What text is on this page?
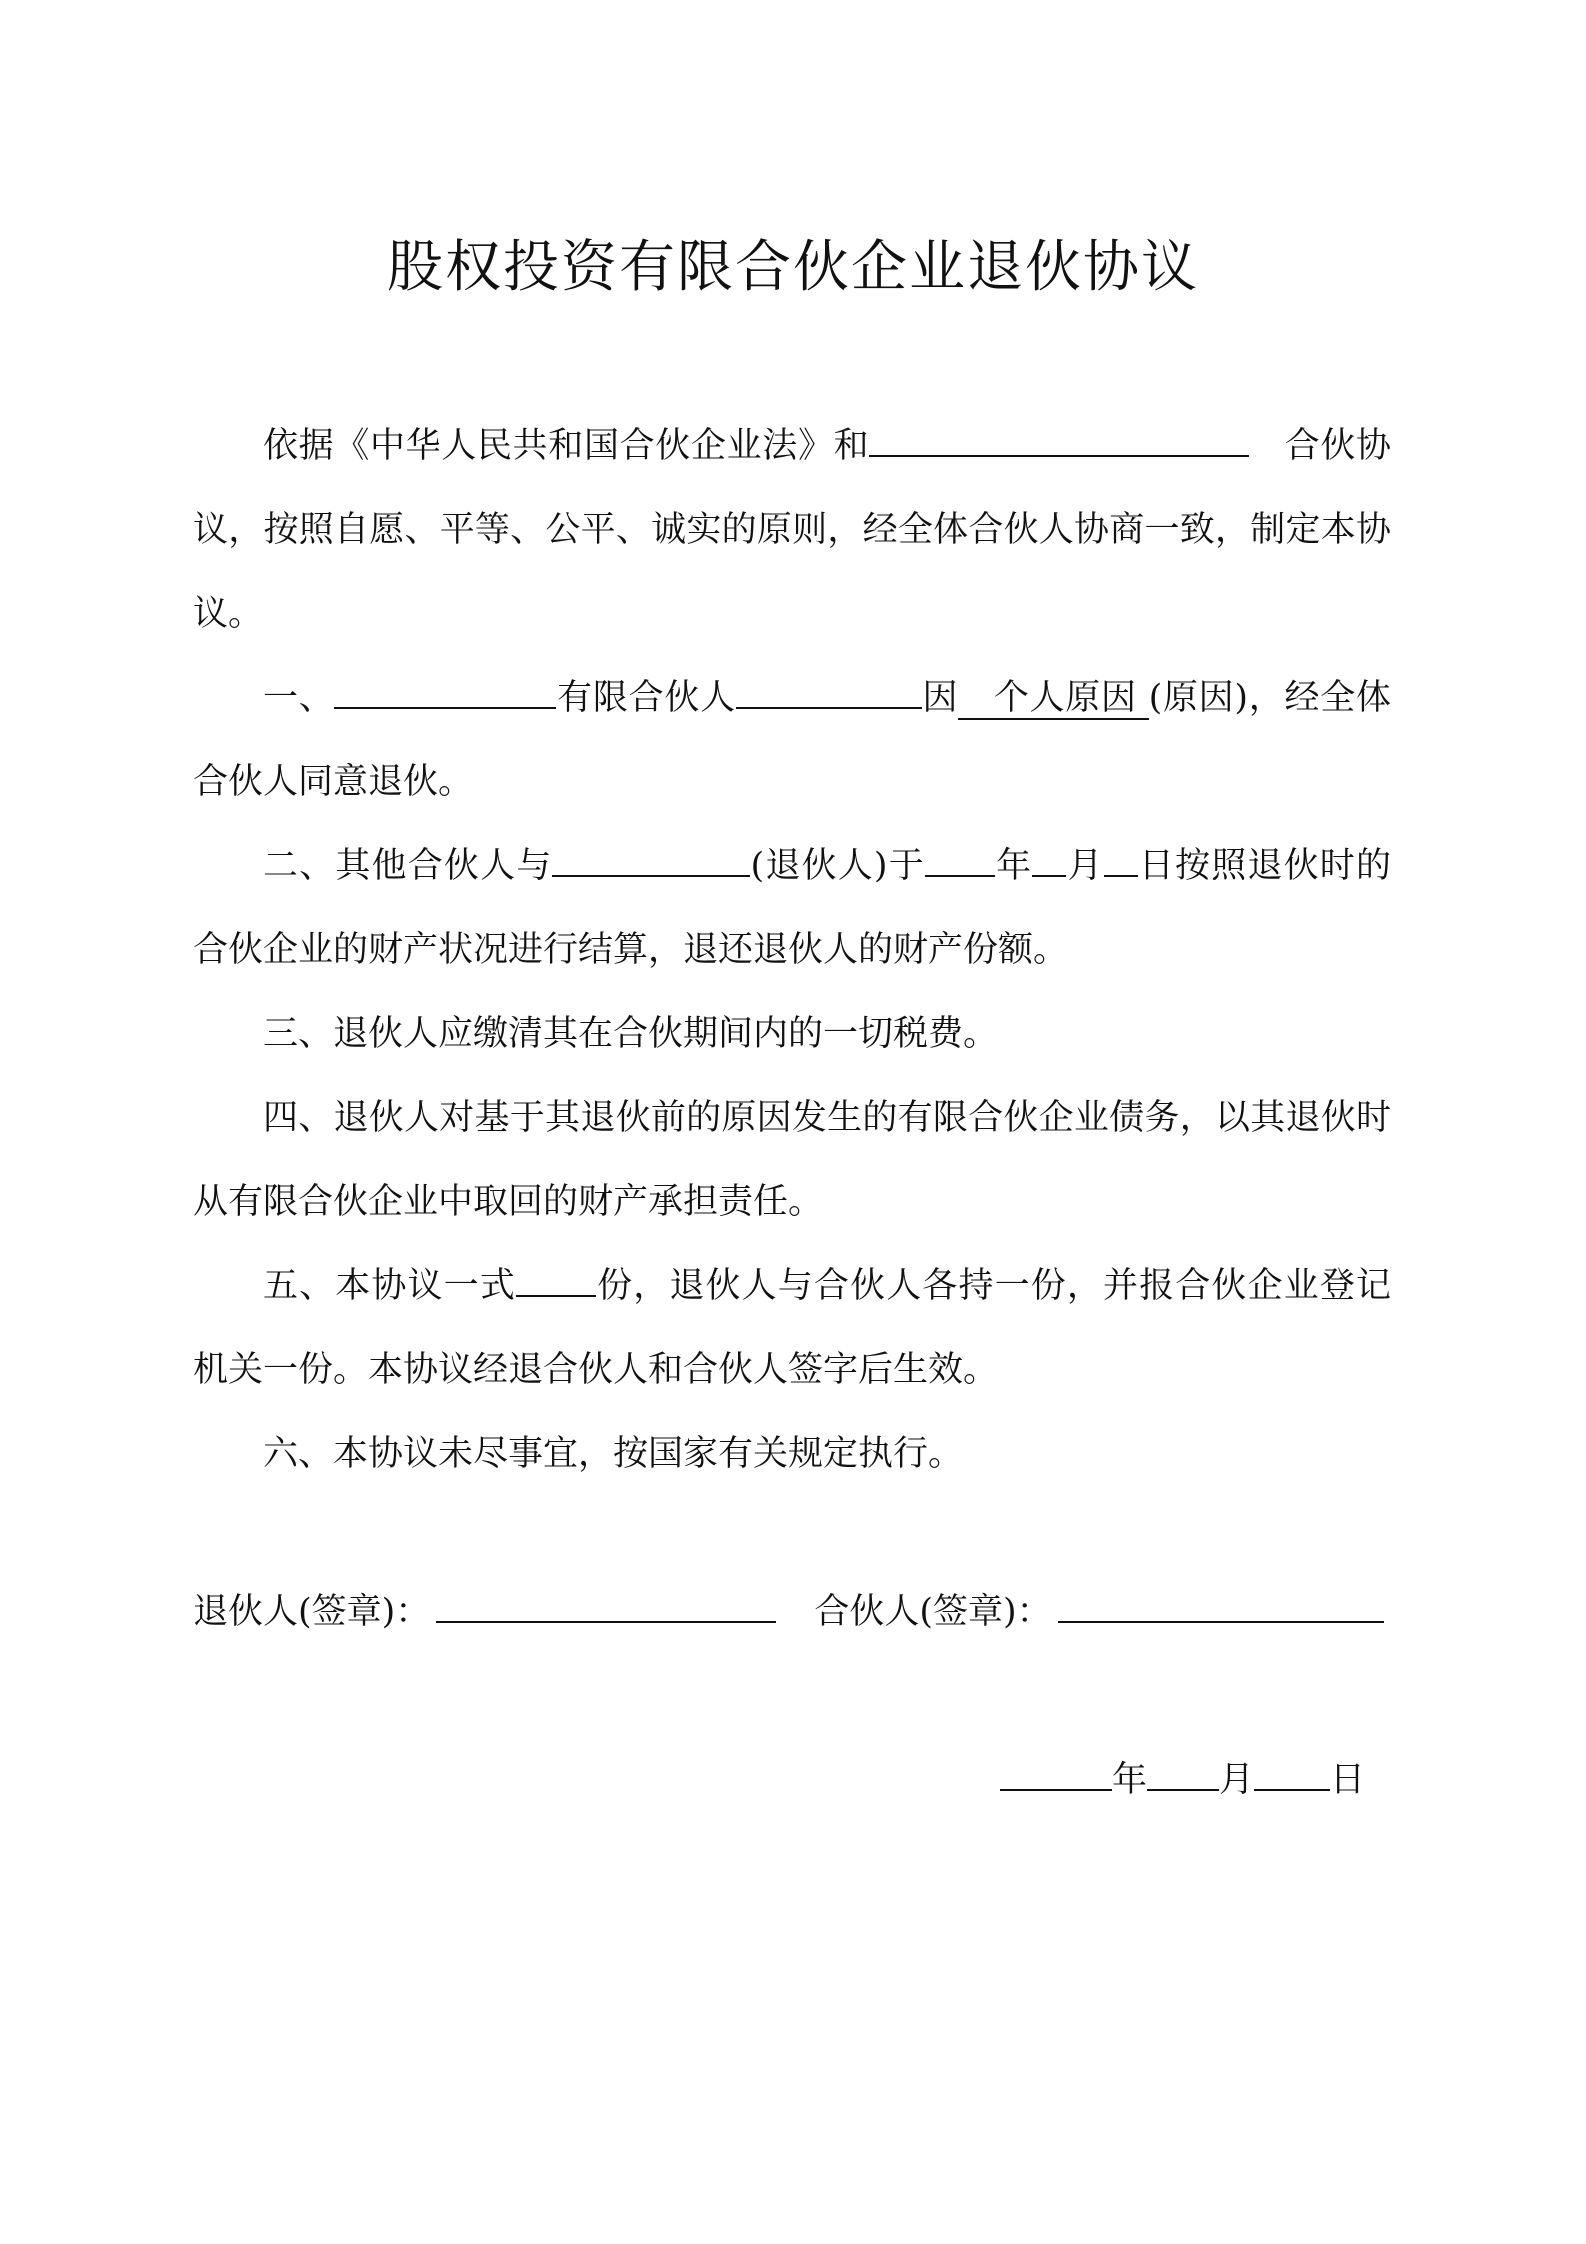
股权投资有限合伙企业退伙协议

依据《中华人民共和国合伙企业法》和	合伙协议，按照自愿、平等、公平、诚实的原则，经全体合伙人协商一致，制定本协议。

一、	有限合伙人	因 个人原因 (原因)，经全体合伙人同意退伙。

二、其他合伙人与	(退伙人)于 年 月 日按照退伙时的合伙企业的财产状况进行结算，退还退伙人的财产份额。

三、退伙人应缴清其在合伙期间内的一切税费。

四、退伙人对基于其退伙前的原因发生的有限合伙企业债务，以其退伙时从有限合伙企业中取回的财产承担责任。

五、本协议一式 份，退伙人与合伙人各持一份，并报合伙企业登记机关一份。本协议经退合伙人和合伙人签字后生效。

六、本协议未尽事宜，按国家有关规定执行。

退伙人(签章)：	合伙人(签章)：
年 月 日
